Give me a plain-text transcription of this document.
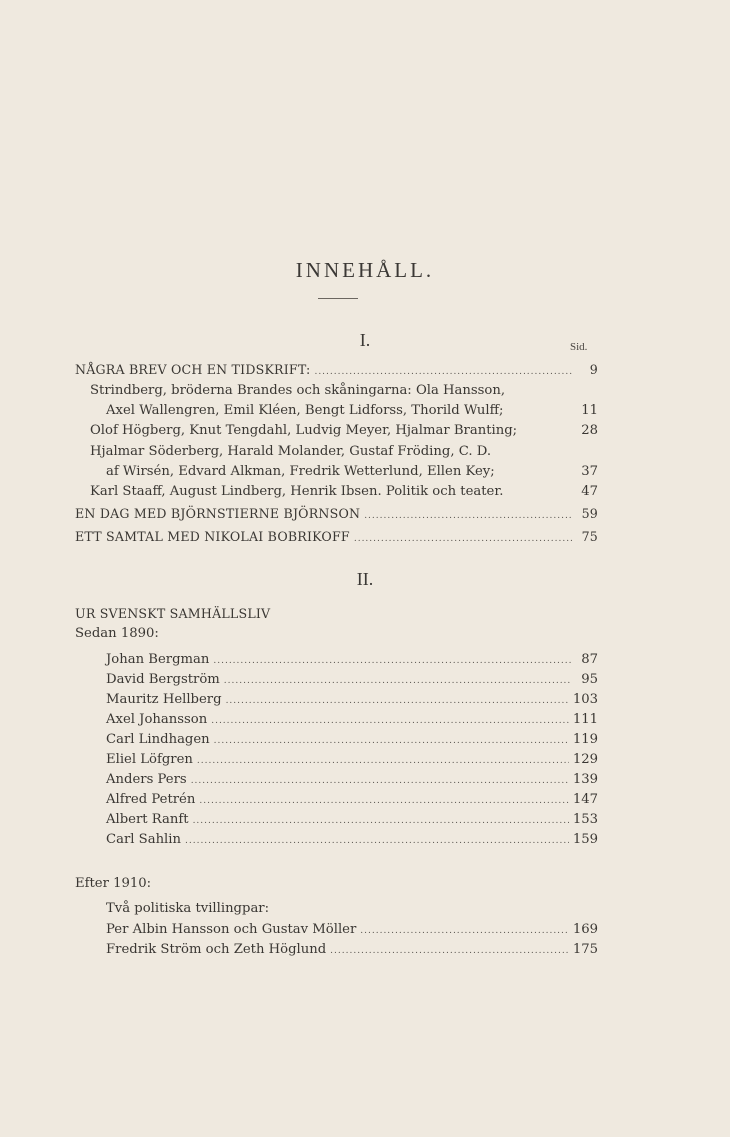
INNEHÅLL.
I.	Sid.
NÅGRA BREV OCH EN TIDSKRIFT: .....	9
Strindberg, bröderna Brandes och skåningarna: Ola Hansson,
Axel Wallengren, Emil Kléen, Bengt Lidforss, Thorild Wulff;	11
Olof Högberg, Knut Tengdahl, Ludvig Meyer, Hjalmar Branting;	28
Hjalmar Söderberg, Harald Molander, Gustaf Fröding, C. D.
af Wirsén, Edvard Alkman, Fredrik Wetterlund, Ellen Key;	37
Karl Staaff, August Lindberg, Henrik Ibsen. Politik och teater.	47
EN DAG MED BJÖRNSTIERNE BJÖRNSON .....	59
ETT SAMTAL MED NIKOLAI BOBRIKOFF .....	75
II.
UR SVENSKT SAMHÄLLSLIV
Sedan 1890:
Johan Bergman .....	87
David Bergström .....	95
Mauritz Hellberg .....	103
Axel Johansson .....	111
Carl Lindhagen .....	119
Eliel Löfgren .....	129
Anders Pers .....	139
Alfred Petrén .....	147
Albert Ranft .....	153
Carl Sahlin .....	159
Efter 1910:
Två politiska tvillingpar:
Per Albin Hansson och Gustav Möller .....	169
Fredrik Ström och Zeth Höglund .....	175
